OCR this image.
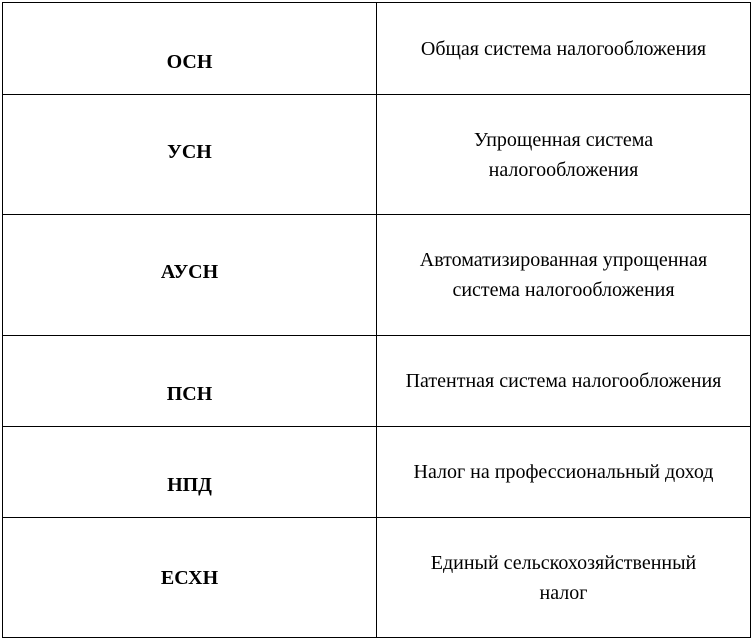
ОСН	Общая система налогообложения

УСН	Упрощенная система налогообложения

АУСН	Автоматизированная упрощенная система налогообложения

ПСН	Патентная система налогообложения

НПД	Налог на профессиональный доход

ЕСХН	Единый сельскохозяйственный налог
